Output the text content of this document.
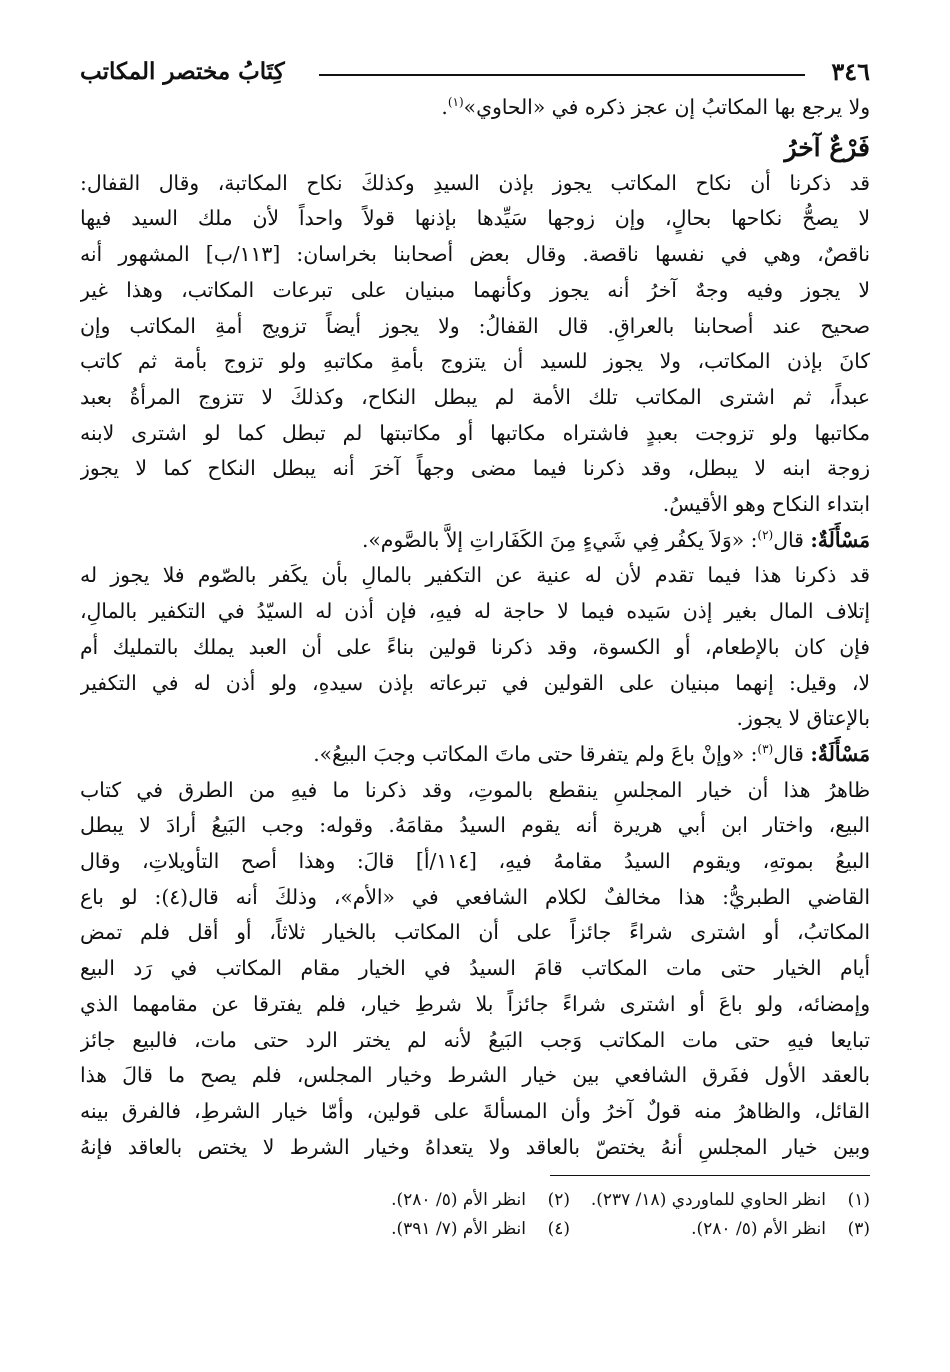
٣٤٦
كِتَابُ مختصر المكاتب

ولا يرجع بها المكاتبُ إن عجز ذكره في «الحاوي»$^{(١)}$.

فَرْعٌ آخرُ

قد ذكرنا أن نكاح المكاتب يجوز بإذن السيدِ وكذلكَ نكاح المكاتبة، وقال القفال:
لا يصحُّ نكاحها بحالٍ، وإن زوجها سَيِّدها بإذنها قولاً واحداً لأن ملك السيد فيها
ناقصٌ، وهي في نفسها ناقصة. وقال بعض أصحابنا بخراسان: [١١٣/ب] المشهور أنه
لا يجوز وفيه وجهٌ آخرُ أنه يجوز وكأنهما مبنيان على تبرعات المكاتب، وهذا غير
صحيح عند أصحابنا بالعراقِ. قال القفالُ: ولا يجوز أيضاً تزويج أمةِ المكاتب وإن
كانَ بإذن المكاتب، ولا يجوز للسيد أن يتزوج بأمةِ مكاتبهِ ولو تزوج بأمة ثم كاتب
عبداً، ثم اشترى المكاتب تلك الأمة لم يبطل النكاح، وكذلكَ لا تتزوج المرأةُ بعبد
مكاتبها ولو تزوجت بعبدٍ فاشتراه مكاتبها أو مكاتبتها لم تبطل كما لو اشترى لابنه
زوجة ابنه لا يبطل، وقد ذكرنا فيما مضى وجهاً آخرَ أنه يبطل النكاح كما لا يجوز
ابتداء النكاح وهو الأقيسُ.

مَسْأَلَةٌ: قال$^{(٢)}$: «وَلاَ يكفُر فِي شَيءٍ مِنَ الكَفَاراتِ إلاَّ بالصَّوم».

قد ذكرنا هذا فيما تقدم لأن له عنية عن التكفير بالمالِ بأن يكَفر بالصّوم فلا يجوز له
إتلاف المال بغير إذن سَيده فيما لا حاجة له فيهِ، فإن أذن له السيّدُ في التكفير بالمالِ،
فإن كان بالإطعام، أو الكسوة، وقد ذكرنا قولين بناءً على أن العبد يملك بالتمليك أم
لا، وقيل: إنهما مبنيان على القولين في تبرعاته بإذن سيدهِ، ولو أذن له في التكفير
بالإعتاق لا يجوز.

مَسْأَلَةٌ: قال$^{(٣)}$: «وإنْ باعَ ولم يتفرقا حتى ماتَ المكاتب وجبَ البيعُ».

ظاهرُ هذا أن خيار المجلسِ ينقطع بالموتِ، وقد ذكرنا ما فيهِ من الطرق في كتاب
البيع، واختار ابن أبي هريرة أنه يقوم السيدُ مقامَهُ. وقوله: وجب البَيعُ أرادَ لا يبطل
البيعُ بموتهِ، ويقوم السيدُ مقامهُ فيهِ، [١١٤/أ] قالَ: وهذا أصح التأويلاتِ، وقال
القاضي الطبريُّ: هذا مخالفٌ لكلام الشافعي في «الأم»، وذلكَ أنه قال(٤): لو باع
المكاتبُ، أو اشترى شراءً جائزاً على أن المكاتب بالخيار ثلاثاً، أو أقل فلم تمض
أيام الخيار حتى مات المكاتب قامَ السيدُ في الخيار مقام المكاتب في رَد البيع
وإمضائه، ولو باعَ أو اشترى شراءً جائزاً بلا شرطِ خيار، فلم يفترقا عن مقامهما الذي
تبايعا فيهِ حتى مات المكاتب وَجب البَيعُ لأنه لم يختر الرد حتى مات، فالبيع جائز
بالعقد الأول ففَرق الشافعي بين خيار الشرط وخيار المجلس، فلم يصح ما قالَ هذا
القائل، والظاهرُ منه قولٌ آخرُ وأن المسألةَ على قولين، وأمّا خيار الشرطِ، فالفرق بينه
وبين خيار المجلسِ أنهُ يختصّ بالعاقد ولا يتعداهُ وخيار الشرط لا يختص بالعاقد فإنهُ

(١)انظر الحاوي للماوردي (١٨/ ٢٣٧).
(٢)انظر الأم (٥/ ٢٨٠).
(٣)انظر الأم (٥/ ٢٨٠).
(٤)انظر الأم (٧/ ٣٩١).
